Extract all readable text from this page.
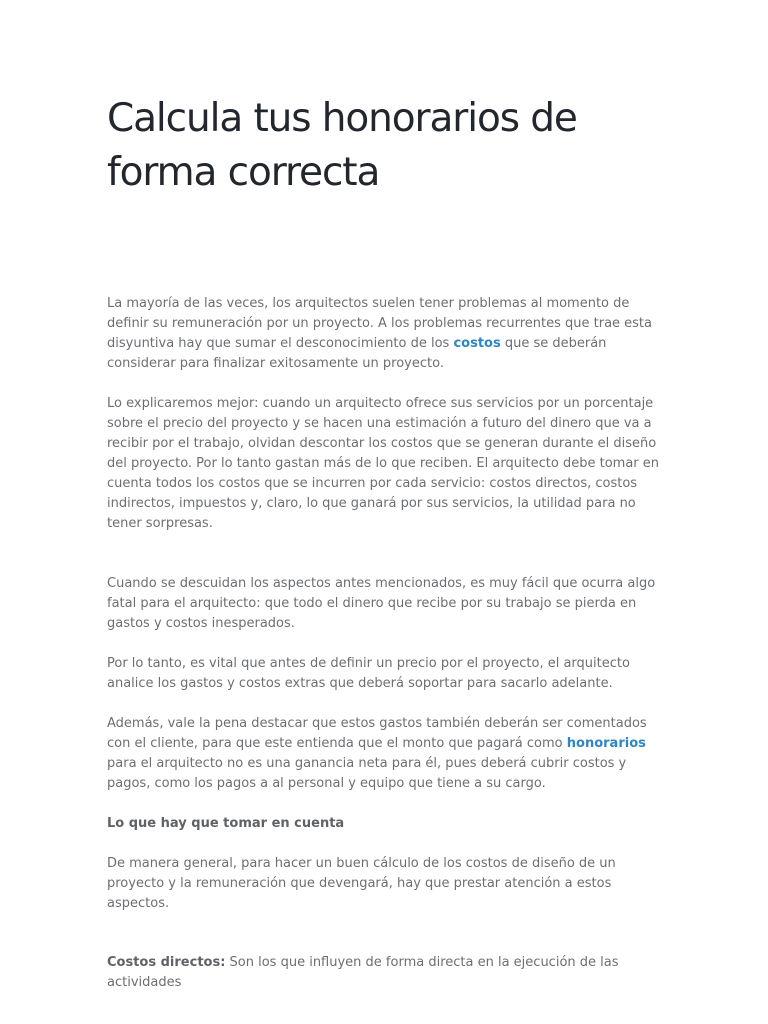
Calcula tus honorarios de forma correcta

La mayoría de las veces, los arquitectos suelen tener problemas al momento de definir su remuneración por un proyecto. A los problemas recurrentes que trae esta disyuntiva hay que sumar el desconocimiento de los costos que se deberán considerar para finalizar exitosamente un proyecto.

Lo explicaremos mejor: cuando un arquitecto ofrece sus servicios por un porcentaje sobre el precio del proyecto y se hacen una estimación a futuro del dinero que va a recibir por el trabajo, olvidan descontar los costos que se generan durante el diseño del proyecto. Por lo tanto gastan más de lo que reciben. El arquitecto debe tomar en cuenta todos los costos que se incurren por cada servicio: costos directos, costos indirectos, impuestos y, claro, lo que ganará por sus servicios, la utilidad para no tener sorpresas.

Cuando se descuidan los aspectos antes mencionados, es muy fácil que ocurra algo fatal para el arquitecto: que todo el dinero que recibe por su trabajo se pierda en gastos y costos inesperados.

Por lo tanto, es vital que antes de definir un precio por el proyecto, el arquitecto analice los gastos y costos extras que deberá soportar para sacarlo adelante.

Además, vale la pena destacar que estos gastos también deberán ser comentados con el cliente, para que este entienda que el monto que pagará como honorarios para el arquitecto no es una ganancia neta para él, pues deberá cubrir costos y pagos, como los pagos a al personal y equipo que tiene a su cargo.

Lo que hay que tomar en cuenta

De manera general, para hacer un buen cálculo de los costos de diseño de un proyecto y la remuneración que devengará, hay que prestar atención a estos aspectos.

Costos directos: Son los que influyen de forma directa en la ejecución de las actividades
